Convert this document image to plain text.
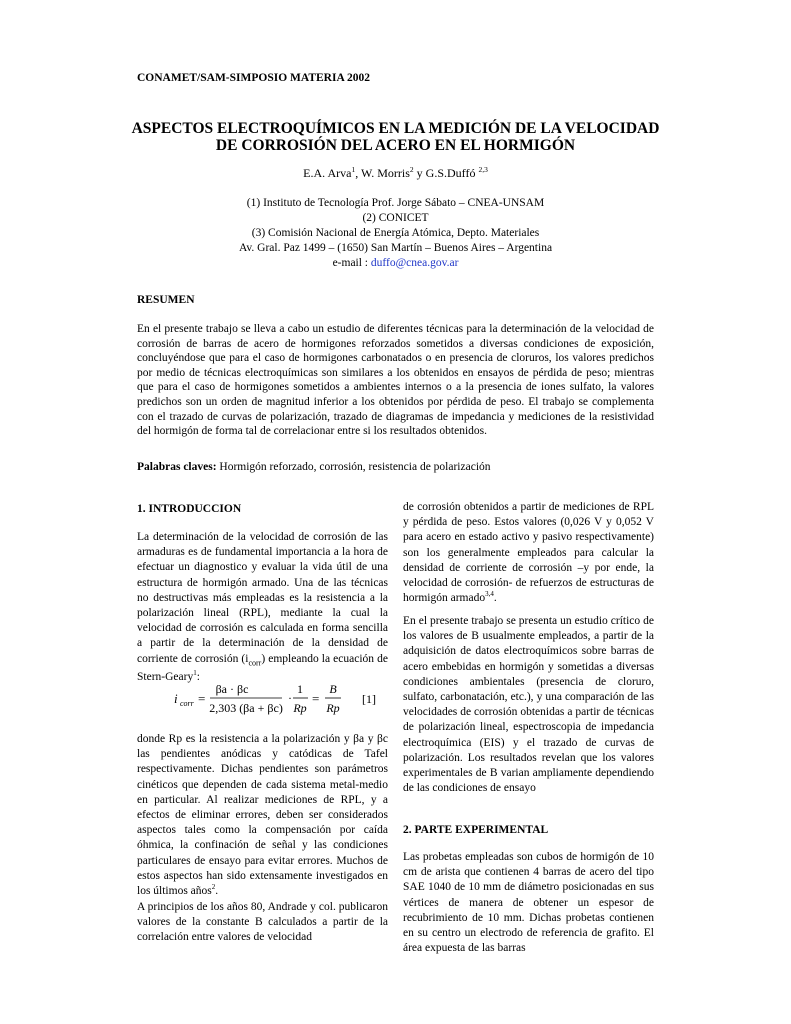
CONAMET/SAM-SIMPOSIO MATERIA 2002
ASPECTOS ELECTROQUÍMICOS EN LA MEDICIÓN DE LA VELOCIDAD
DE CORROSIÓN DEL ACERO EN EL HORMIGÓN
E.A. Arva$^1$, W. Morris$^2$ y G.S.Duffó $^{2,3}$
(1) Instituto de Tecnología Prof. Jorge Sábato – CNEA-UNSAM
(2) CONICET
(3) Comisión Nacional de Energía Atómica, Depto. Materiales
Av. Gral. Paz 1499 – (1650) San Martín – Buenos Aires – Argentina
e-mail : duffo@cnea.gov.ar
RESUMEN
En el presente trabajo se lleva a cabo un estudio de diferentes técnicas para la determinación de la velocidad de corrosión de barras de acero de hormigones reforzados sometidos a diversas condiciones de exposición, concluyéndose que para el caso de hormigones carbonatados o en presencia de cloruros, los valores predichos por medio de técnicas electroquímicas son similares a los obtenidos en ensayos de pérdida de peso; mientras que para el caso de hormigones sometidos a ambientes internos o a la presencia de iones sulfato, la valores predichos son un orden de magnitud inferior a los obtenidos por pérdida de peso. El trabajo se complementa con el trazado de curvas de polarización, trazado de diagramas de impedancia y mediciones de la resistividad del hormigón de forma tal de correlacionar entre si los resultados obtenidos.
Palabras claves: Hormigón reforzado, corrosión, resistencia de polarización
1. INTRODUCCION

La determinación de la velocidad de corrosión de las armaduras es de fundamental importancia a la hora de efectuar un diagnostico y evaluar la vida útil de una estructura de hormigón armado. Una de las técnicas no destructivas más empleadas es la resistencia a la polarización lineal (RPL), mediante la cual la velocidad de corrosión es calculada en forma sencilla a partir de la determinación de la densidad de corriente de corrosión $(i_{corr})$ empleando la ecuación de Stern-Geary$^1$:

i corr =
βa · βc
2,303 (βa + βc)
·
1
Rp
=
B
Rp
[1]

donde Rp es la resistencia a la polarización y βa y βc las pendientes anódicas y catódicas de Tafel respectivamente. Dichas pendientes son parámetros cinéticos que dependen de cada sistema metal-medio en particular. Al realizar mediciones de RPL, y a efectos de eliminar errores, deben ser considerados aspectos tales como la compensación por caída óhmica, la confinación de señal y las condiciones particulares de ensayo para evitar errores. Muchos de estos aspectos han sido extensamente investigados en los últimos años$^2$.

A principios de los años 80, Andrade y col. publicaron valores de la constante B calculados a partir de la correlación entre valores de velocidad

de corrosión obtenidos a partir de mediciones de RPL y pérdida de peso. Estos valores (0,026 V y 0,052 V para acero en estado activo y pasivo respectivamente) son los generalmente empleados para calcular la densidad de corriente de corrosión –y por ende, la velocidad de corrosión- de refuerzos de estructuras de hormigón armado$^{3,4}$.

En el presente trabajo se presenta un estudio crítico de los valores de B usualmente empleados, a partir de la adquisición de datos electroquímicos sobre barras de acero embebidas en hormigón y sometidas a diversas condiciones ambientales (presencia de cloruro, sulfato, carbonatación, etc.), y una comparación de las velocidades de corrosión obtenidas a partir de técnicas de polarización lineal, espectroscopia de impedancia electroquímica (EIS) y el trazado de curvas de polarización. Los resultados revelan que los valores experimentales de B varian ampliamente dependiendo de las condiciones de ensayo

2. PARTE EXPERIMENTAL

Las probetas empleadas son cubos de hormigón de 10 cm de arista que contienen 4 barras de acero del tipo SAE 1040 de 10 mm de diámetro posicionadas en sus vértices de manera de obtener un espesor de recubrimiento de 10 mm. Dichas probetas contienen en su centro un electrodo de referencia de grafito. El área expuesta de las barras
